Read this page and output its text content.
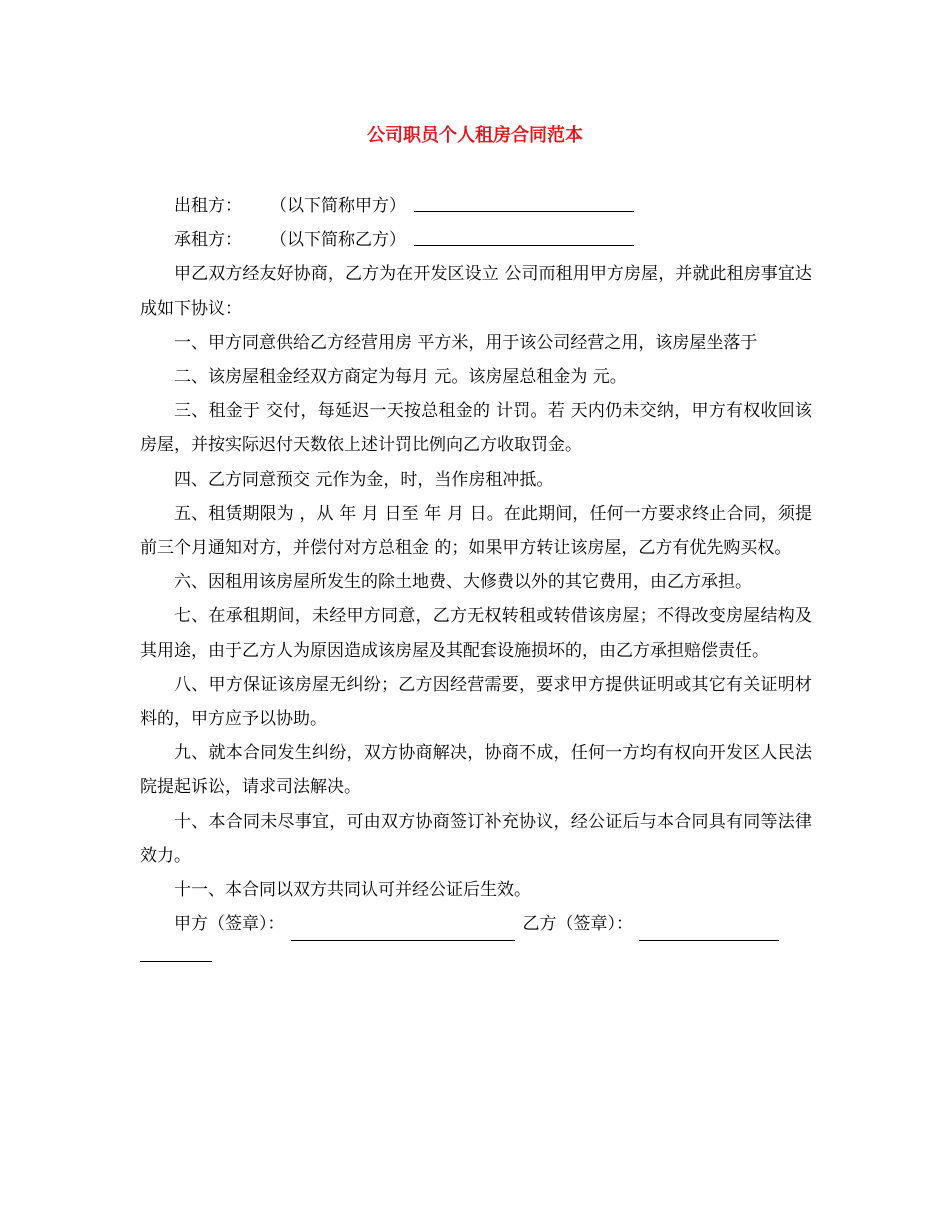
公司职员个人租房合同范本
出租方： （以下简称甲方）
承租方： （以下简称乙方）

甲乙双方经友好协商，乙方为在开发区设立 公司而租用甲方房屋，并就此租房事宜达成如下协议：

一、甲方同意供给乙方经营用房 平方米，用于该公司经营之用，该房屋坐落于

二、该房屋租金经双方商定为每月 元。该房屋总租金为 元。

三、租金于 交付，每延迟一天按总租金的 计罚。若 天内仍未交纳，甲方有权收回该房屋，并按实际迟付天数依上述计罚比例向乙方收取罚金。

四、乙方同意预交 元作为金，时，当作房租冲抵。

五、租赁期限为 ，从 年 月 日至 年 月 日。在此期间，任何一方要求终止合同，须提前三个月通知对方，并偿付对方总租金 的；如果甲方转让该房屋，乙方有优先购买权。

六、因租用该房屋所发生的除土地费、大修费以外的其它费用，由乙方承担。

七、在承租期间，未经甲方同意，乙方无权转租或转借该房屋；不得改变房屋结构及其用途，由于乙方人为原因造成该房屋及其配套设施损坏的，由乙方承担赔偿责任。

八、甲方保证该房屋无纠纷；乙方因经营需要，要求甲方提供证明或其它有关证明材料的，甲方应予以协助。

九、就本合同发生纠纷，双方协商解决，协商不成，任何一方均有权向开发区人民法院提起诉讼，请求司法解决。

十、本合同未尽事宜，可由双方协商签订补充协议，经公证后与本合同具有同等法律效力。

十一、本合同以双方共同认可并经公证后生效。

甲方（签章）：	乙方（签章）：
